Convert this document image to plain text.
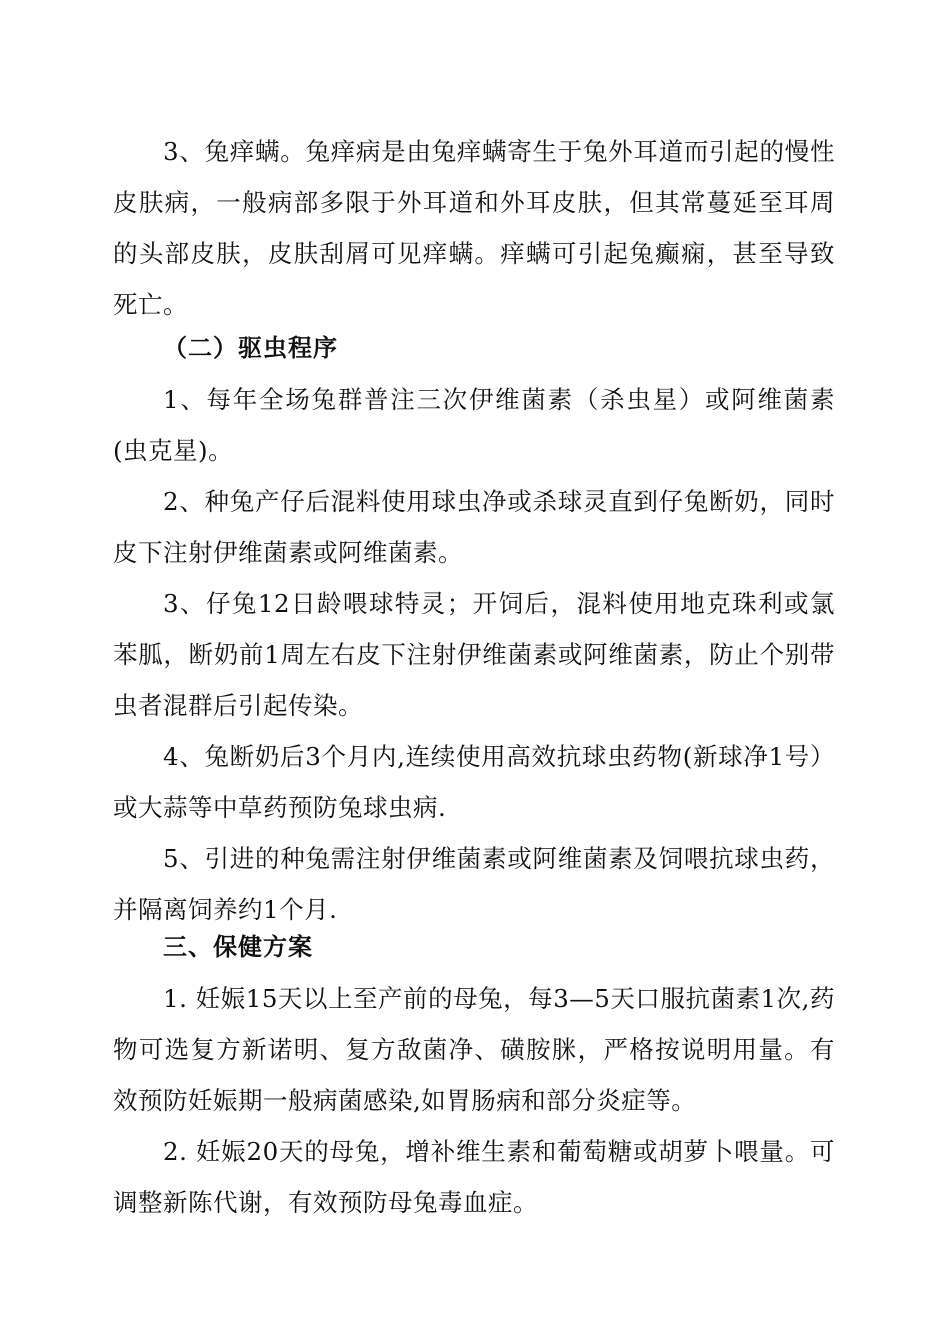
3、兔痒螨。兔痒病是由兔痒螨寄生于兔外耳道而引起的慢性皮肤病，一般病部多限于外耳道和外耳皮肤，但其常蔓延至耳周的头部皮肤，皮肤刮屑可见痒螨。痒螨可引起兔癫痫，甚至导致死亡。

（二）驱虫程序

1、每年全场兔群普注三次伊维菌素（杀虫星）或阿维菌素(虫克星)。

2、种兔产仔后混料使用球虫净或杀球灵直到仔兔断奶，同时皮下注射伊维菌素或阿维菌素。

3、仔兔12日龄喂球特灵；开饲后，混料使用地克珠利或氯苯胍，断奶前1周左右皮下注射伊维菌素或阿维菌素，防止个别带虫者混群后引起传染。

4、兔断奶后3个月内,连续使用高效抗球虫药物(新球净1号）或大蒜等中草药预防兔球虫病.

5、引进的种兔需注射伊维菌素或阿维菌素及饲喂抗球虫药，并隔离饲养约1个月.

三、保健方案

1. 妊娠15天以上至产前的母兔，每3—5天口服抗菌素1次,药物可选复方新诺明、复方敌菌净、磺胺脒，严格按说明用量。有效预防妊娠期一般病菌感染,如胃肠病和部分炎症等。

2. 妊娠20天的母兔，增补维生素和葡萄糖或胡萝卜喂量。可调整新陈代谢，有效预防母兔毒血症。
